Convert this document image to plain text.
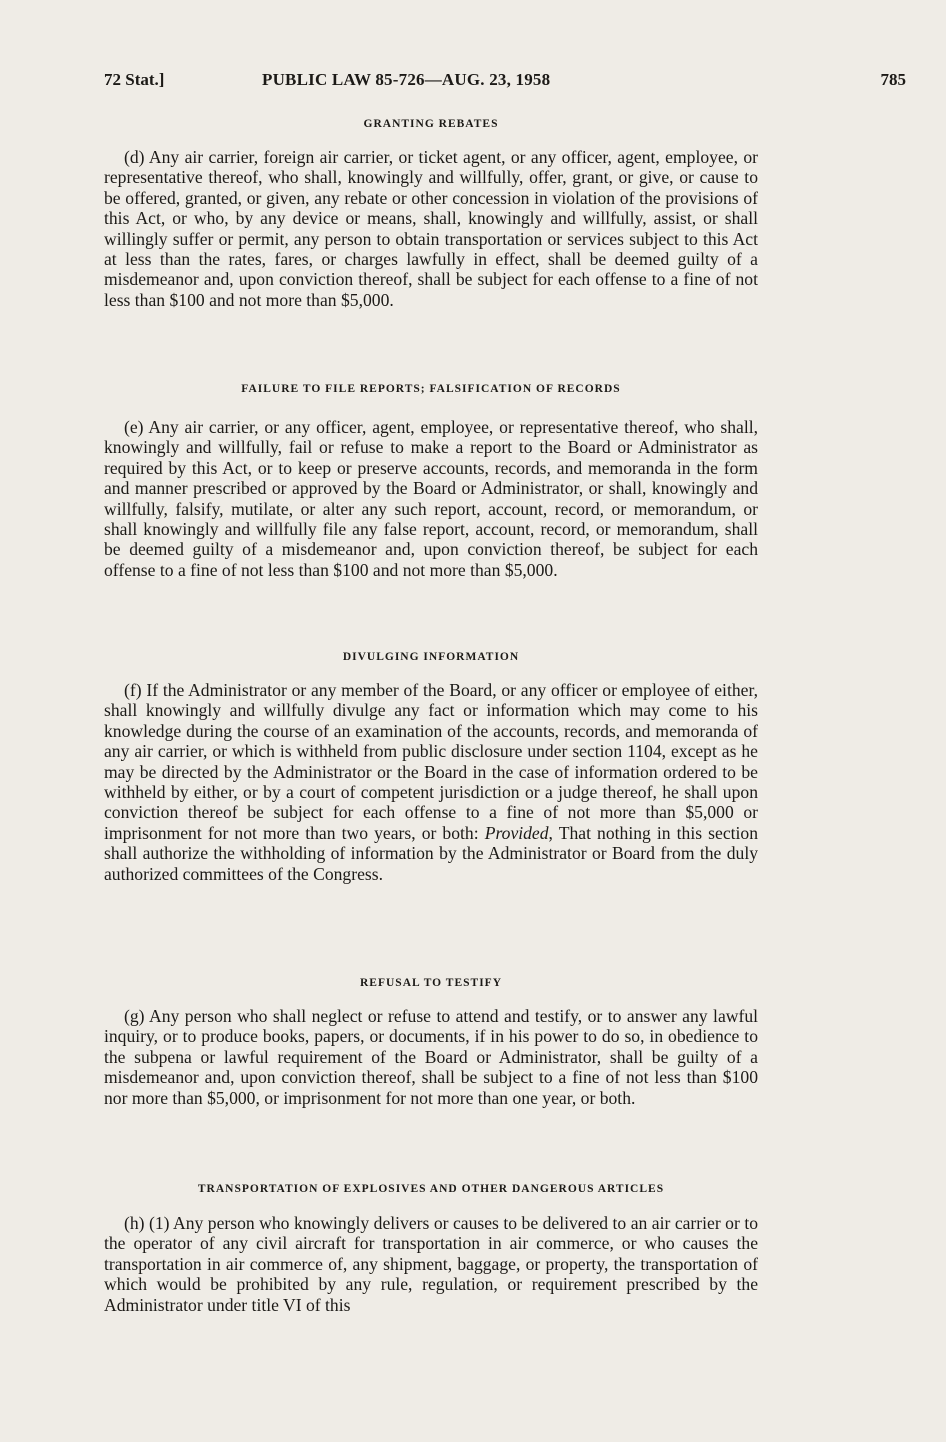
72 Stat.]	PUBLIC LAW 85-726—AUG. 23, 1958	785
GRANTING REBATES

(d) Any air carrier, foreign air carrier, or ticket agent, or any officer, agent, employee, or representative thereof, who shall, knowingly and willfully, offer, grant, or give, or cause to be offered, granted, or given, any rebate or other concession in violation of the provisions of this Act, or who, by any device or means, shall, knowingly and willfully, assist, or shall willingly suffer or permit, any person to obtain transportation or services subject to this Act at less than the rates, fares, or charges lawfully in effect, shall be deemed guilty of a misdemeanor and, upon conviction thereof, shall be subject for each offense to a fine of not less than $100 and not more than $5,000.

FAILURE TO FILE REPORTS; FALSIFICATION OF RECORDS

(e) Any air carrier, or any officer, agent, employee, or representative thereof, who shall, knowingly and willfully, fail or refuse to make a report to the Board or Administrator as required by this Act, or to keep or preserve accounts, records, and memoranda in the form and manner prescribed or approved by the Board or Administrator, or shall, knowingly and willfully, falsify, mutilate, or alter any such report, account, record, or memorandum, or shall knowingly and willfully file any false report, account, record, or memorandum, shall be deemed guilty of a misdemeanor and, upon conviction thereof, be subject for each offense to a fine of not less than $100 and not more than $5,000.

DIVULGING INFORMATION

(f) If the Administrator or any member of the Board, or any officer or employee of either, shall knowingly and willfully divulge any fact or information which may come to his knowledge during the course of an examination of the accounts, records, and memoranda of any air carrier, or which is withheld from public disclosure under section 1104, except as he may be directed by the Administrator or the Board in the case of information ordered to be withheld by either, or by a court of competent jurisdiction or a judge thereof, he shall upon conviction thereof be subject for each offense to a fine of not more than $5,000 or imprisonment for not more than two years, or both: Provided, That nothing in this section shall authorize the withholding of information by the Administrator or Board from the duly authorized committees of the Congress.

REFUSAL TO TESTIFY

(g) Any person who shall neglect or refuse to attend and testify, or to answer any lawful inquiry, or to produce books, papers, or documents, if in his power to do so, in obedience to the subpena or lawful requirement of the Board or Administrator, shall be guilty of a misdemeanor and, upon conviction thereof, shall be subject to a fine of not less than $100 nor more than $5,000, or imprisonment for not more than one year, or both.

TRANSPORTATION OF EXPLOSIVES AND OTHER DANGEROUS ARTICLES

(h) (1) Any person who knowingly delivers or causes to be delivered to an air carrier or to the operator of any civil aircraft for transportation in air commerce, or who causes the transportation in air commerce of, any shipment, baggage, or property, the transportation of which would be prohibited by any rule, regulation, or requirement prescribed by the Administrator under title VI of this
